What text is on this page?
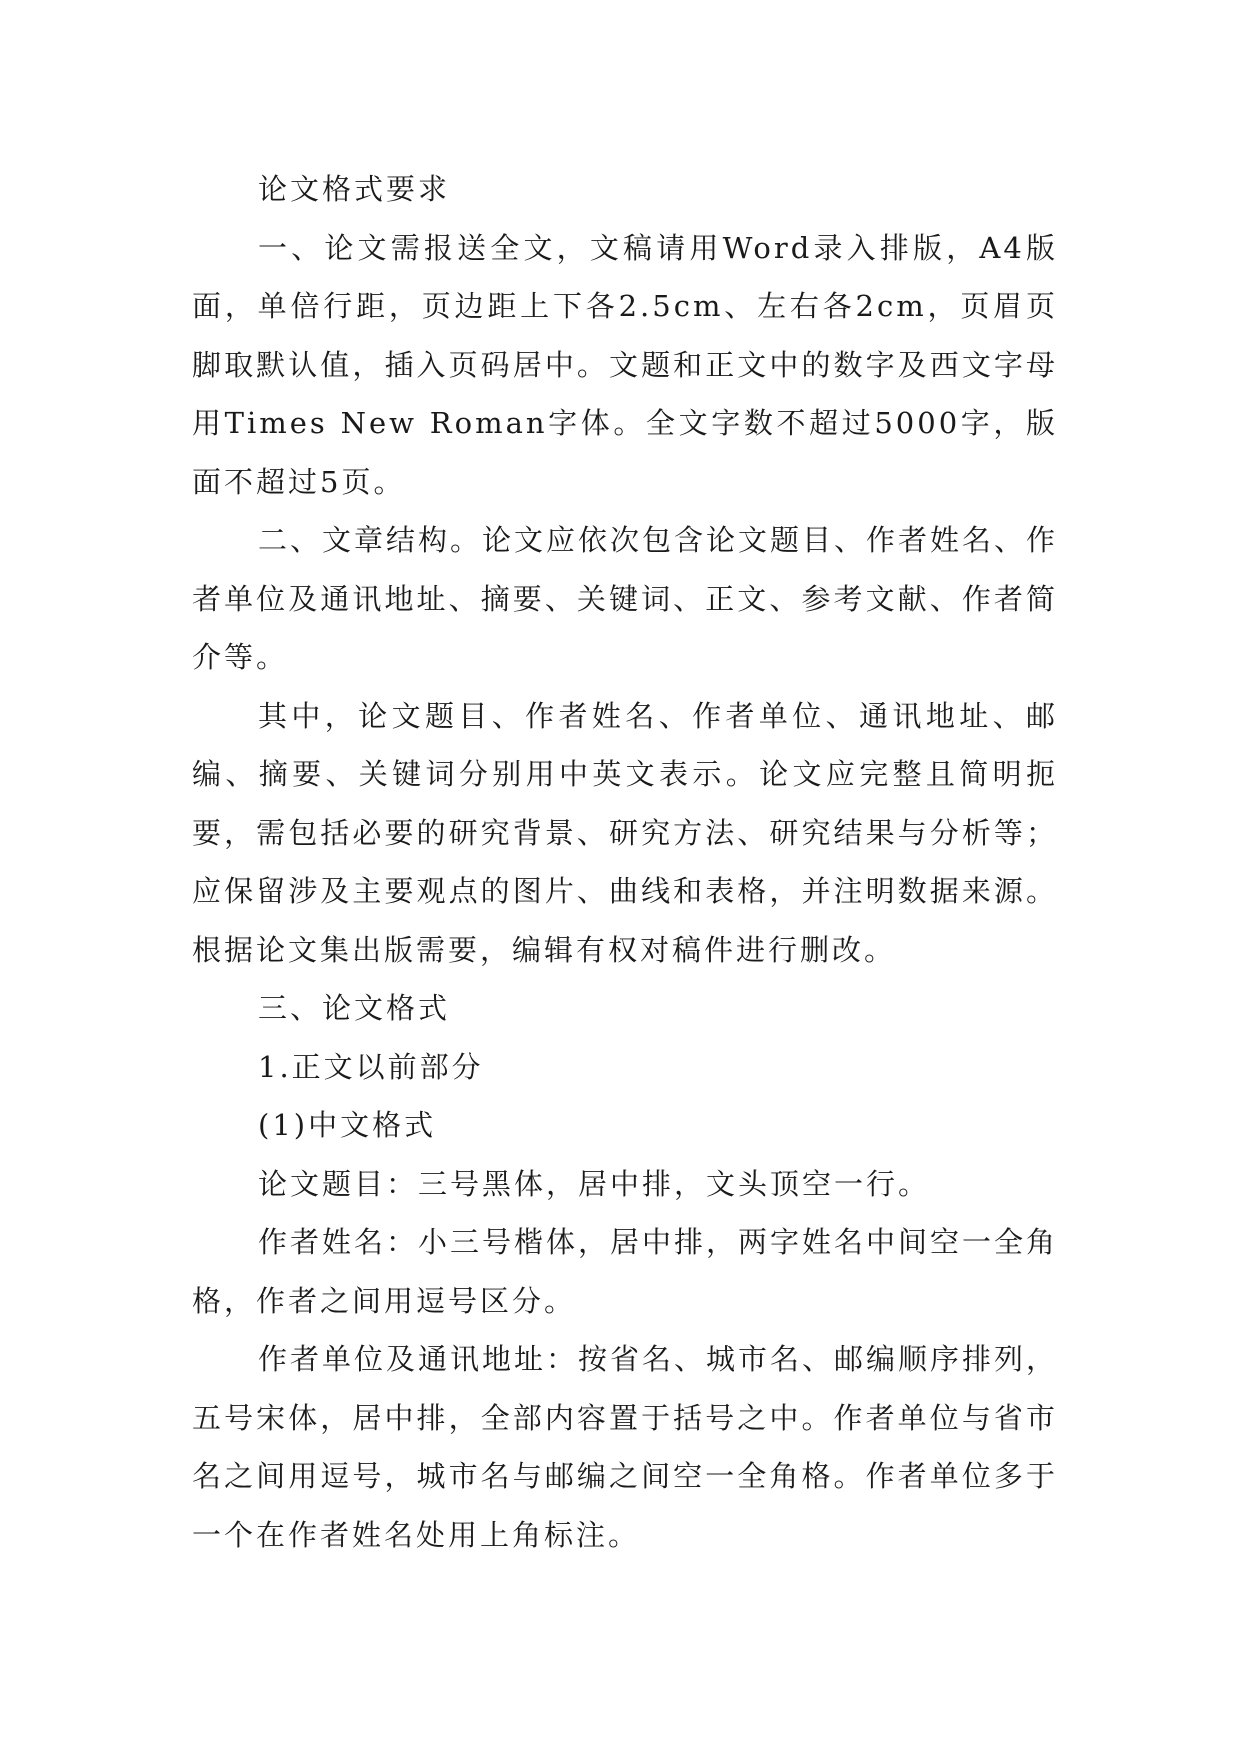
论文格式要求

一、论文需报送全文，文稿请用Word录入排版，A4版面，单倍行距，页边距上下各2.5cm、左右各2cm，页眉页脚取默认值，插入页码居中。文题和正文中的数字及西文字母用Times New Roman字体。全文字数不超过5000字，版面不超过5页。

二、文章结构。论文应依次包含论文题目、作者姓名、作者单位及通讯地址、摘要、关键词、正文、参考文献、作者简介等。

其中，论文题目、作者姓名、作者单位、通讯地址、邮编、摘要、关键词分别用中英文表示。论文应完整且简明扼要，需包括必要的研究背景、研究方法、研究结果与分析等；应保留涉及主要观点的图片、曲线和表格，并注明数据来源。根据论文集出版需要，编辑有权对稿件进行删改。

三、论文格式

1.正文以前部分

(1)中文格式

论文题目：三号黑体，居中排，文头顶空一行。

作者姓名：小三号楷体，居中排，两字姓名中间空一全角格，作者之间用逗号区分。

作者单位及通讯地址：按省名、城市名、邮编顺序排列，五号宋体，居中排，全部内容置于括号之中。作者单位与省市名之间用逗号，城市名与邮编之间空一全角格。作者单位多于一个在作者姓名处用上角标注。
